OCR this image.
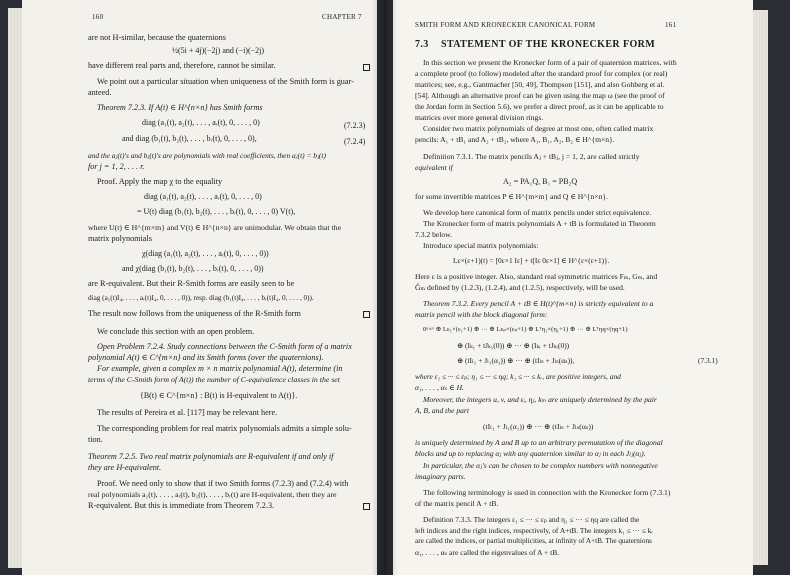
160	CHAPTER 7
are not H-similar, because the quaternions
½(5i + 4j)(−2j) and (−i)(−2j)
have different real parts and, therefore, cannot be similar.
We point out a particular situation when uniqueness of the Smith form is guar-
anteed.
Theorem 7.2.3. If A(t) ∈ H^{n×n} has Smith forms
diag (a₁(t), a₂(t), . . . , aᵣ(t), 0, . . . , 0)	(7.2.3)
and diag (b₁(t), b₂(t), . . . , bᵣ(t), 0, . . . , 0),	(7.2.4)
and the aⱼ(t)'s and bⱼ(t)'s are polynomials with real coefficients, then aⱼ(t) = bⱼ(t)
for j = 1, 2, . . . r.
Proof. Apply the map χ to the equality
diag (a₁(t), a₂(t), . . . , aᵣ(t), 0, . . . , 0)
= U(t) diag (b₁(t), b₂(t), . . . , bᵣ(t), 0, . . . , 0) V(t),
where U(t) ∈ H^{m×m} and V(t) ∈ H^{n×n} are unimodular. We obtain that the
matrix polynomials
χ(diag (a₁(t), a₂(t), . . . , aᵣ(t), 0, . . . , 0))
and χ(diag (b₁(t), b₂(t), . . . , bᵣ(t), 0, . . . , 0))
are R-equivalent. But their R-Smith forms are easily seen to be
diag (a₁(t)I₄, . . . , aᵣ(t)I₄, 0, . . . , 0)), resp. diag (b₁(t)I₄, . . . , bᵣ(t)I₄, 0, . . . , 0)).
The result now follows from the uniqueness of the R-Smith form
We conclude this section with an open problem.
Open Problem 7.2.4. Study connections between the C-Smith form of a matrix
polynomial A(t) ∈ C^{m×n} and its Smith forms (over the quaternions).
For example, given a complex m × n matrix polynomial A(t), determine (in
terms of the C-Smith form of A(t)) the number of C-equivalence classes in the set
{B(t) ∈ C^{m×n} : B(t) is H-equivalent to A(t)}.
The results of Pereira et al. [117] may be relevant here.
The corresponding problem for real matrix polynomials admits a simple solu-
tion.
Theorem 7.2.5. Two real matrix polynomials are R-equivalent if and only if
they are H-equivalent.
Proof. We need only to show that if two Smith forms (7.2.3) and (7.2.4) with
real polynomials a₁(t), . . . , aᵣ(t), b₁(t), . . . , bᵣ(t) are H-equivalent, then they are
R-equivalent. But this is immediate from Theorem 7.2.3.
SMITH FORM AND KRONECKER CANONICAL FORM	161
7.3 STATEMENT OF THE KRONECKER FORM
In this section we present the Kronecker form of a pair of quaternion matrices, with
a complete proof (to follow) modeled after the standard proof for complex (or real)
matrices; see, e.g., Gantmacher [50, 49], Thompson [151], and also Gohberg et al.
[54]. Although an alternative proof can be given using the map ω (see the proof of
the Jordan form in Section 5.6), we prefer a direct proof, as it can be applicable to
matrices over more general division rings.
Consider two matrix polynomials of degree at most one, often called matrix
pencils: A₁ + tB₁ and A₂ + tB₂, where A₁, B₁, A₂, B₂ ∈ H^{m×n}.
Definition 7.3.1. The matrix pencils Aⱼ + tBⱼ, j = 1, 2, are called strictly
equivalent if
A₂ = PA₁Q, B₁ = PB₂Q
for some invertible matrices P ∈ H^{m×m} and Q ∈ H^{n×n}.
We develop here canonical form of matrix pencils under strict equivalence.
The Kronecker form of matrix polynomials A + tB is formulated in Theorem
7.3.2 below.
Introduce special matrix polynomials:
Lε×(ε+1)(t) = [0ε×1 Iε] + t[Iε 0ε×1] ∈ H^{ε×(ε+1)}.
Here ε is a positive integer. Also, standard real symmetric matrices Fₘ, Gₘ, and
Ĝₘ defined by (1.2.3), (1.2.4), and (1.2.5), respectively, will be used.
Theorem 7.3.2. Every pencil A + tB ∈ H(t)^{m×n} is strictly equivalent to a
matrix pencil with the block diagonal form:
0ᵘ×ᵛ ⊕ Lε₁×(ε₁+1) ⊕ ··· ⊕ Lεₚ×(εₚ+1) ⊕ Lᵀη₁×(η₁+1) ⊕ ··· ⊕ Lᵀηq×(ηq+1)
⊕ (Iₖ₁ + tJₖ₁(0)) ⊕ ··· ⊕ (Iₖᵣ + tJₖᵣ(0))
⊕ (tIₗ₁ + Jₗ₁(α₁)) ⊕ ··· ⊕ (tIₗₛ + Jₗₛ(αₛ)),	(7.3.1)
where ε₁ ≤ ··· ≤ εₚ; η₁ ≤ ··· ≤ ηq; k₁ ≤ ··· ≤ kᵣ, are positive integers, and
α₁, . . . , αₛ ∈ H.
Moreover, the integers u, v, and εᵢ, ηⱼ, kₘ are uniquely determined by the pair
A, B, and the part
(tIₗ₁ + Jₗ₁(α₁)) ⊕ ··· ⊕ (tIₗₛ + Jₗₛ(αₛ))
is uniquely determined by A and B up to an arbitrary permutation of the diagonal
blocks and up to replacing αⱼ with any quaternion similar to αⱼ in each Jₗⱼ(αⱼ).
In particular, the αⱼ's can be chosen to be complex numbers with nonnegative
imaginary parts.
The following terminology is used in connection with the Kronecker form (7.3.1)
of the matrix pencil A + tB.
Definition 7.3.3. The integers ε₁ ≤ ··· ≤ εₚ and η₁ ≤ ··· ≤ ηq are called the
left indices and the right indices, respectively, of A+tB. The integers k₁ ≤ ··· ≤ kᵣ
are called the indices, or partial multiplicities, at infinity of A+tB. The quaternions
α₁, . . . , αₛ are called the eigenvalues of A + tB.
